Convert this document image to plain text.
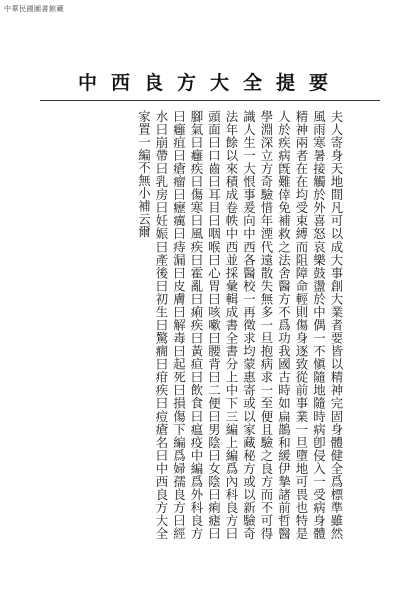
中華民國圖書館藏
中西良方大全提要

夫人寄身天地間凡可以成大事創大業者要皆以精神完固身體健全爲標準雖然風雨寒暑接觸於外喜怒哀樂鼓盪於中偶一不愼隨地隨時病卽侵入一受病身體精神兩者在在均受束縛而阻障命輕則傷身逐致從前事業一旦墮地可畏也特是人於疾病旣難倖免補救之法舍醫方不爲功我國古時如扁鵲和緩伊摯諸前哲醫學淵深立方奇驗惜年湮代遠散失無多一旦抱病求一至便且驗之良方而不可得識人生一大恨事爰向中西各醫校一再徵求均蒙惠寄或以家藏秘方或以新驗奇法年餘以來積成卷帙中西並採彙輯成書全書分上中下三編上編爲內科良方曰頭面曰口齒曰耳目曰咽喉曰心胃曰咳嗽曰腰背曰二便曰男陰曰女陰曰痢瘧曰腳氣曰癰疾曰傷寒曰風疾曰霍亂曰痢疾曰黃疸曰飲食曰瘟疫中編爲外科良方曰癰疽曰瘡瘤曰癧癘曰痔漏曰皮膚曰解毒曰起死曰損傷下編爲婦孺良方曰經水曰崩帶曰乳房曰妊娠曰產後曰初生曰驚癇曰疳疾曰痘瘡名曰中西良方大全家置一編不無小補云爾
